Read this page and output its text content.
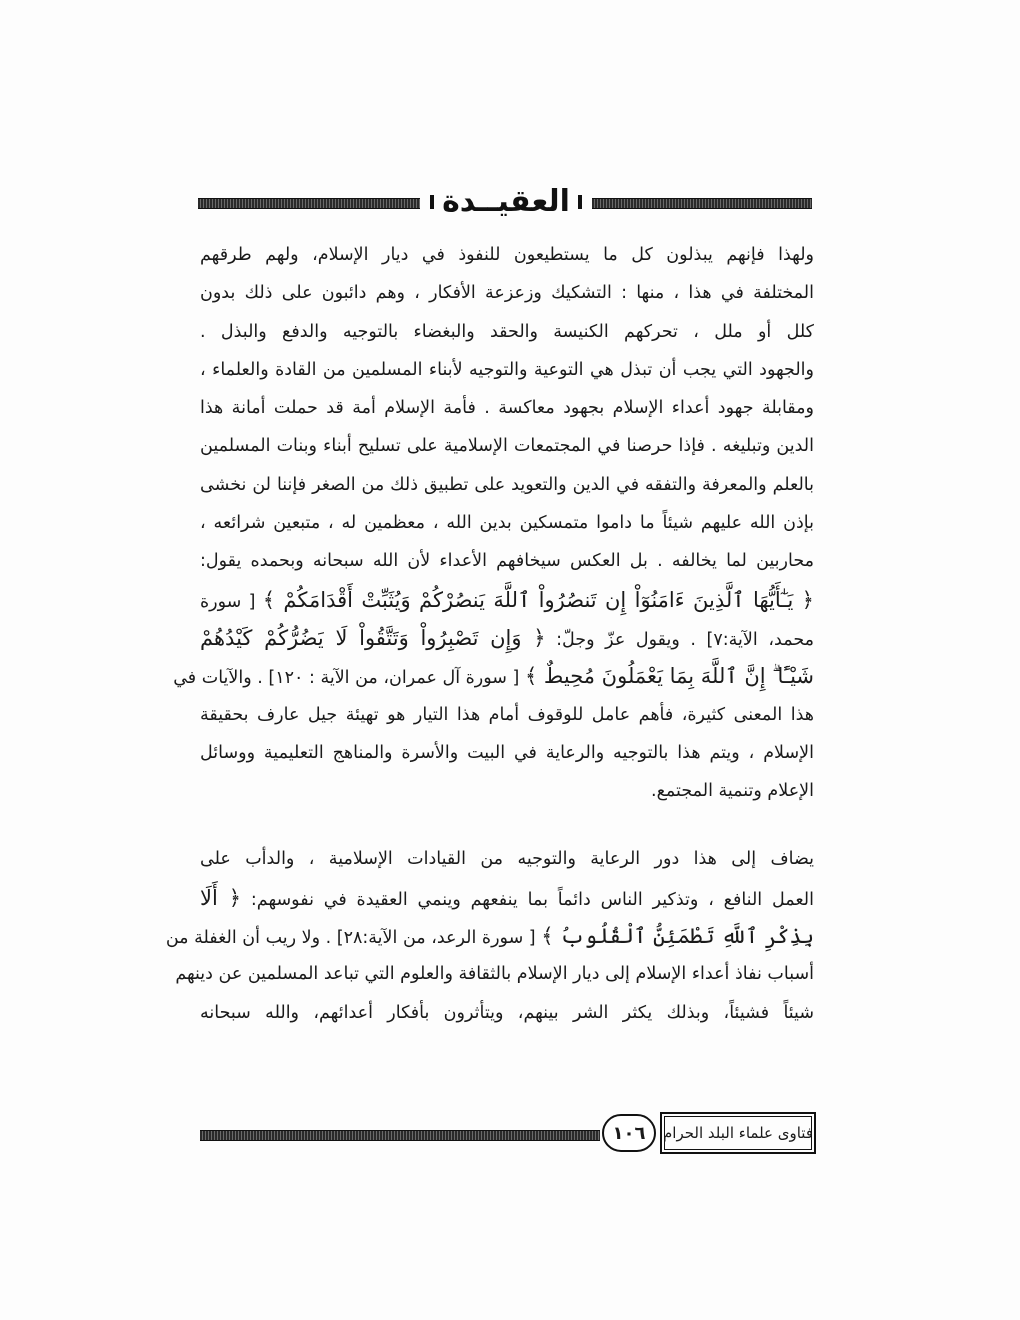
العقيــدة
ولهذا فإنهم يبذلون كل ما يستطيعون للنفوذ في ديار الإسلام، ولهم طرقهم
المختلفة في هذا ، منها : التشكيك وزعزعة الأفكار ، وهم دائبون على ذلك بدون
كلل أو ملل ، تحركهم الكنيسة والحقد والبغضاء بالتوجيه والدفع والبذل .
والجهود التي يجب أن تبذل هي التوعية والتوجيه لأبناء المسلمين من القادة والعلماء ،
ومقابلة جهود أعداء الإسلام بجهود معاكسة . فأمة الإسلام أمة قد حملت أمانة هذا
الدين وتبليغه . فإذا حرصنا في المجتمعات الإسلامية على تسليح أبناء وبنات المسلمين
بالعلم والمعرفة والتفقه في الدين والتعويد على تطبيق ذلك من الصغر فإننا لن نخشى
بإذن الله عليهم شيئاً ما داموا متمسكين بدين الله ، معظمين له ، متبعين شرائعه ،
محاربين لما يخالفه . بل العكس سيخافهم الأعداء لأن الله سبحانه وبحمده يقول:
﴿ يَـٰٓأَيُّهَا ٱلَّذِينَ ءَامَنُوٓاْ إِن تَنصُرُواْ ٱللَّهَ يَنصُرْكُمْ وَيُثَبِّتْ أَقْدَامَكُمْ ﴾ [ سورة
محمد، الآية:٧] . ويقول عزّ وجلّ: ﴿ وَإِن تَصْبِرُواْ وَتَتَّقُواْ لَا يَضُرُّكُمْ كَيْدُهُمْ
شَيْـًٔا ۗ إِنَّ ٱللَّهَ بِمَا يَعْمَلُونَ مُحِيطٌ ﴾ [ سورة آل عمران، من الآية : ١٢٠] . والآيات في
هذا المعنى كثيرة، فأهم عامل للوقوف أمام هذا التيار هو تهيئة جيل عارف بحقيقة
الإسلام ، ويتم هذا بالتوجيه والرعاية في البيت والأسرة والمناهج التعليمية ووسائل
الإعلام وتنمية المجتمع.
يضاف إلى هذا دور الرعاية والتوجيه من القيادات الإسلامية ، والدأب على
العمل النافع ، وتذكير الناس دائماً بما ينفعهم وينمي العقيدة في نفوسهم: ﴿ أَلَا
بِذِكْرِ ٱللَّهِ تَطْمَئِنُّ ٱلْقُلُوبُ ﴾ [ سورة الرعد، من الآية:٢٨] . ولا ريب أن الغفلة من
أسباب نفاذ أعداء الإسلام إلى ديار الإسلام بالثقافة والعلوم التي تباعد المسلمين عن دينهم
شيئاً فشيئاً، وبذلك يكثر الشر بينهم، ويتأثرون بأفكار أعدائهم، والله سبحانه
١٠٦	فتاوى علماء البلد الحرام
